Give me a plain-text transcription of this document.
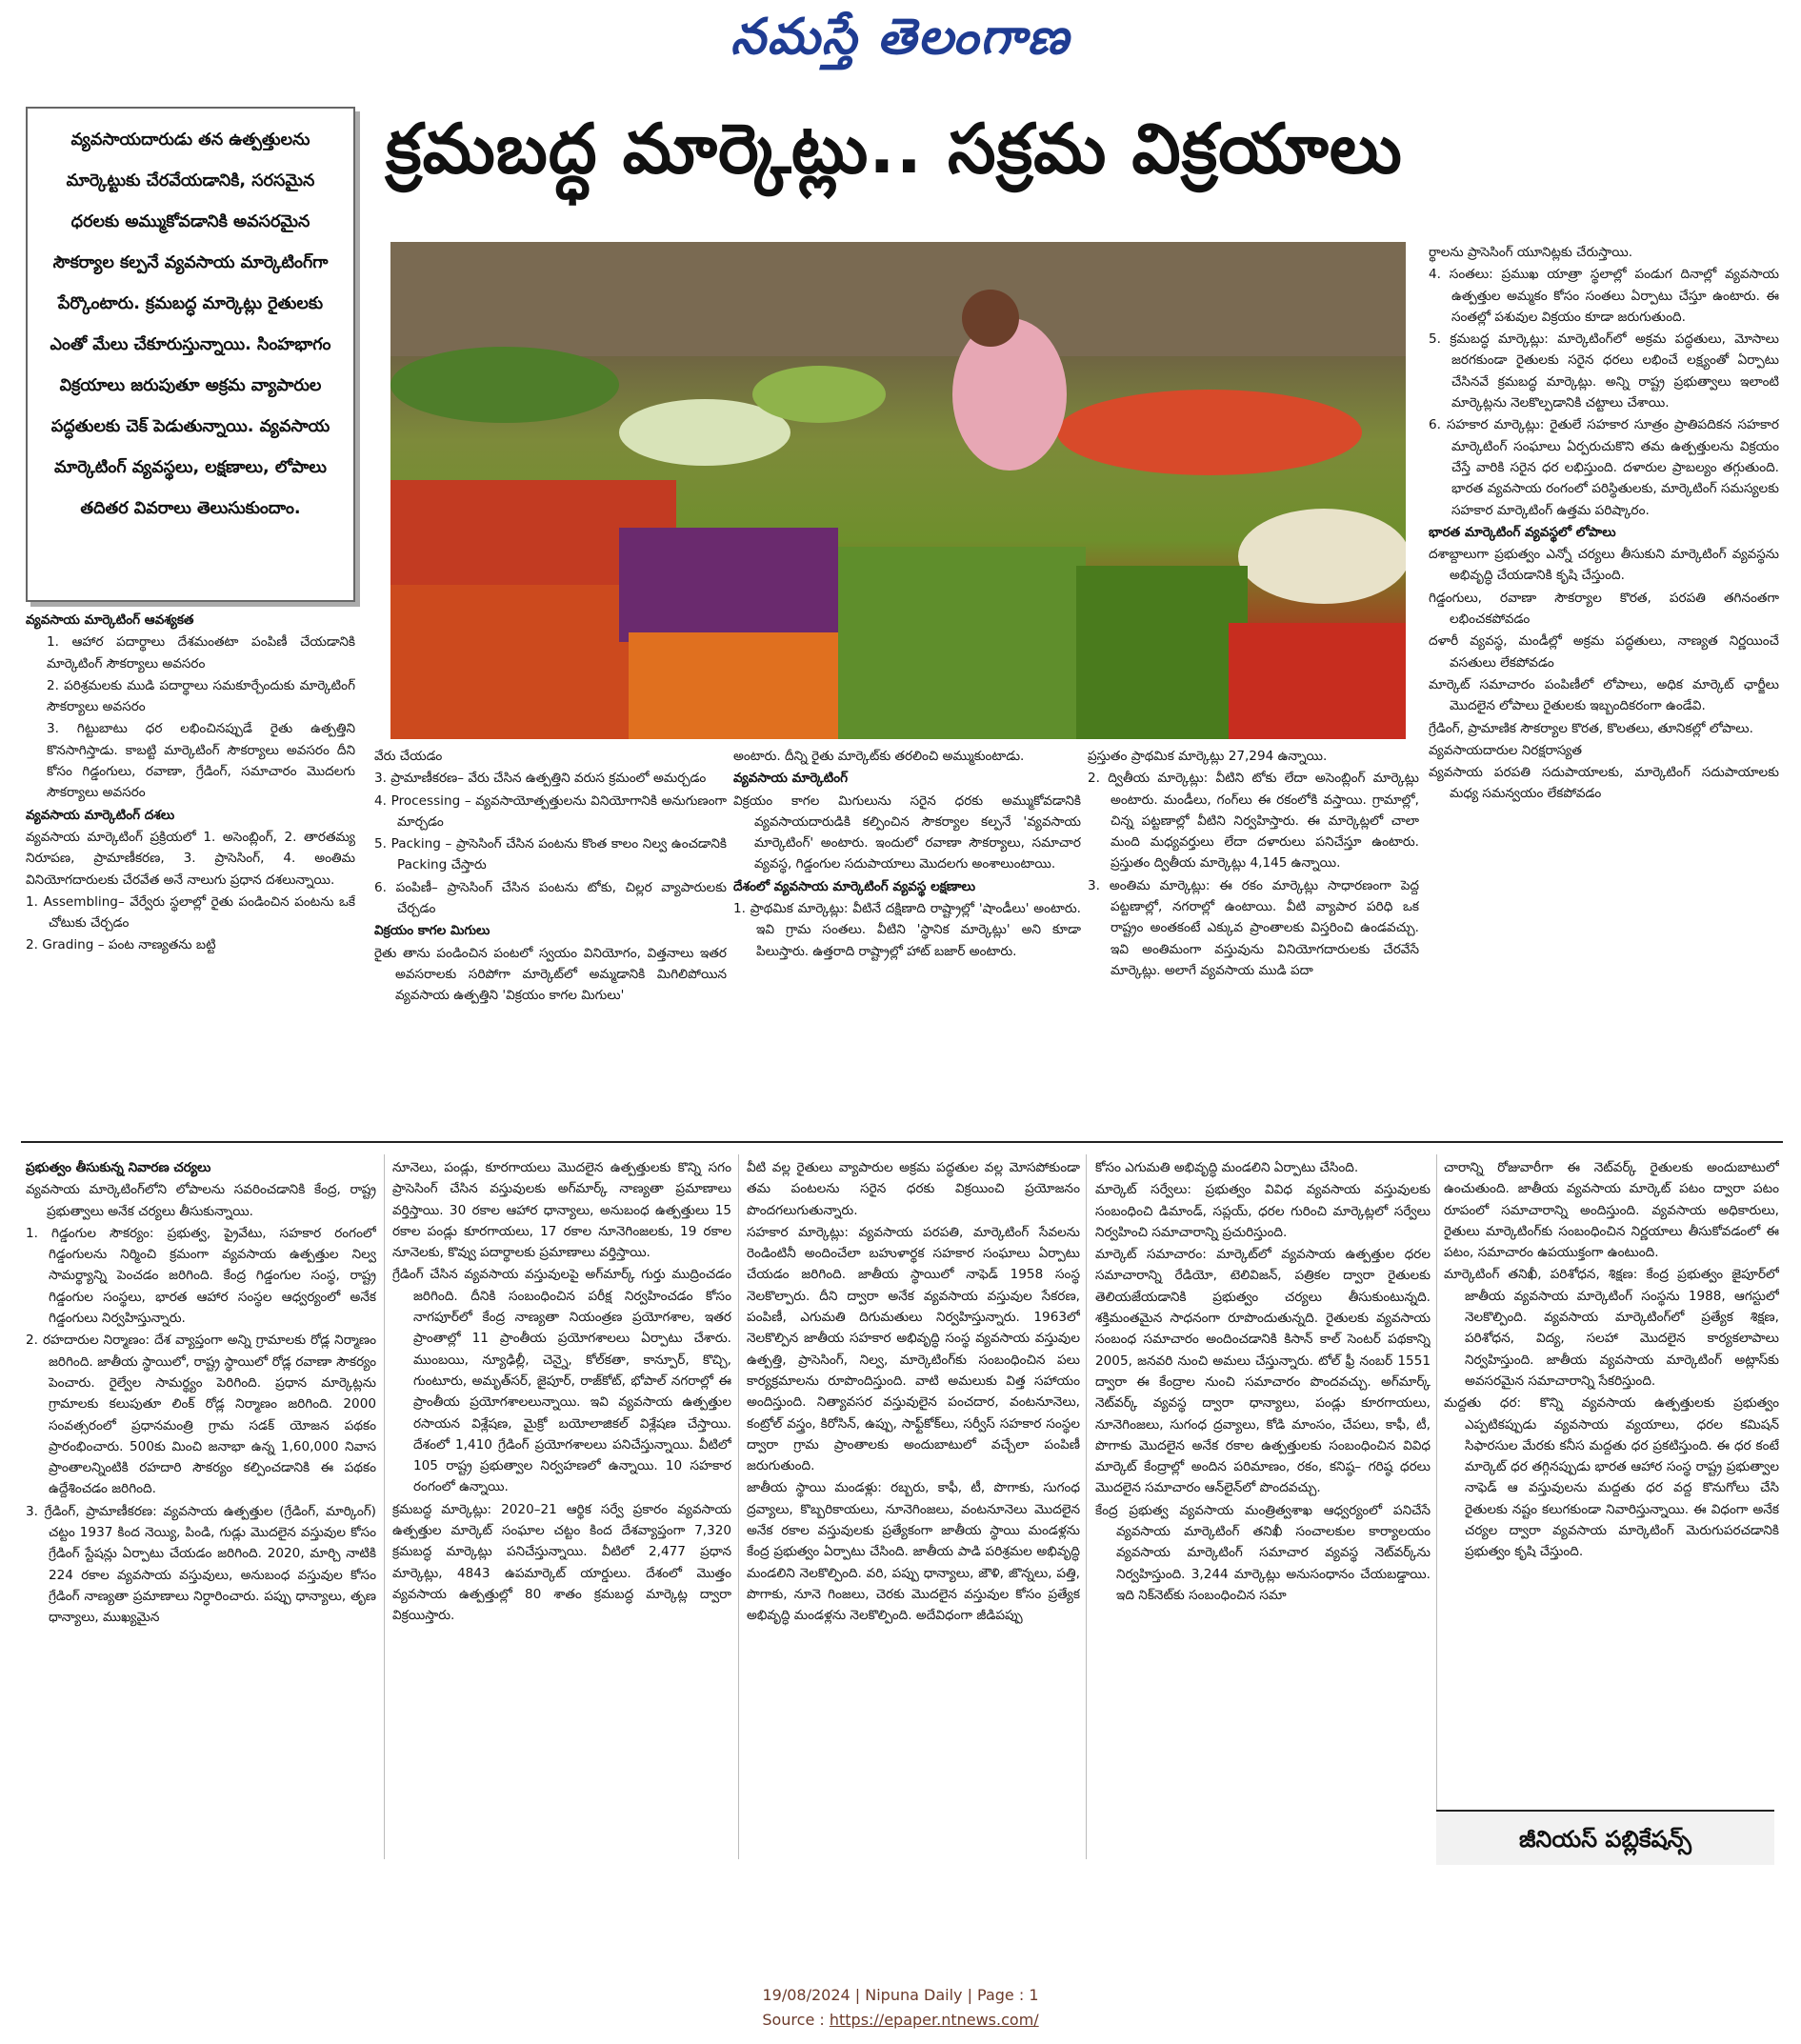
నమస్తే తెలంగాణ

వ్యవసాయదారుడు తన ఉత్పత్తులను మార్కెట్టుకు చేరవేయడానికి, సరసమైన ధరలకు అమ్ముకోవడానికి అవసరమైన సౌకర్యాల కల్పనే వ్యవసాయ మార్కెటింగ్‌గా పేర్కొంటారు. క్రమబద్ధ మార్కెట్లు రైతులకు ఎంతో మేలు చేకూరుస్తున్నాయి. సింహభాగం విక్రయాలు జరుపుతూ అక్రమ వ్యాపారుల పద్ధతులకు చెక్ పెడుతున్నాయి. వ్యవసాయ మార్కెటింగ్ వ్యవస్థలు, లక్షణాలు, లోపాలు తదితర వివరాలు తెలుసుకుందాం.

క్రమబద్ధ మార్కెట్లు.. సక్రమ విక్రయాలు

వ్యవసాయ మార్కెటింగ్ ఆవశ్యకత

1. ఆహార పదార్థాలు దేశమంతటా పంపిణీ చేయడానికి మార్కెటింగ్ సౌకర్యాలు అవసరం

2. పరిశ్రమలకు ముడి పదార్థాలు సమకూర్చేందుకు మార్కెటింగ్ సౌకర్యాలు అవసరం

3. గిట్టుబాటు ధర లభించినప్పుడే రైతు ఉత్పత్తిని కొనసాగిస్తాడు. కాబట్టి మార్కెటింగ్ సౌకర్యాలు అవసరం దీని కోసం గిడ్డంగులు, రవాణా, గ్రేడింగ్, సమాచారం మొదలగు సౌకర్యాలు అవసరం

వ్యవసాయ మార్కెటింగ్ దశలు

వ్యవసాయ మార్కెటింగ్ ప్రక్రియలో 1. అసెంబ్లింగ్, 2. తారతమ్య నిరూపణ, ప్రామాణీకరణ, 3. ప్రాసెసింగ్, 4. అంతిమ వినియోగదారులకు చేరవేత అనే నాలుగు ప్రధాన దశలున్నాయి.

1. Assembling– వేర్వేరు స్థలాల్లో రైతు పండించిన పంటను ఒకే చోటుకు చేర్చడం

2. Grading – పంట నాణ్యతను బట్టి

వేరు చేయడం

3. ప్రామాణీకరణ– వేరు చేసిన ఉత్పత్తిని వరుస క్రమంలో అమర్చడం

4. Processing – వ్యవసాయోత్పత్తులను వినియోగానికి అనుగుణంగా మార్చడం

5. Packing – ప్రాసెసింగ్ చేసిన పంటను కొంత కాలం నిల్వ ఉంచడానికి Packing చేస్తారు

6. పంపిణీ– ప్రాసెసింగ్ చేసిన పంటను టోకు, చిల్లర వ్యాపారులకు చేర్చడం

విక్రయం కాగల మిగులు

రైతు తాను పండించిన పంటలో స్వయం వినియోగం, విత్తనాలు ఇతర అవసరాలకు సరిపోగా మార్కెట్‌లో అమ్మడానికి మిగిలిపోయిన వ్యవసాయ ఉత్పత్తిని 'విక్రయం కాగల మిగులు'

అంటారు. దీన్ని రైతు మార్కెట్‌కు తరలించి అమ్ముకుంటాడు.

వ్యవసాయ మార్కెటింగ్

విక్రయం కాగల మిగులును సరైన ధరకు అమ్ముకోవడానికి వ్యవసాయదారుడికి కల్పించిన సౌకర్యాల కల్పనే 'వ్యవసాయ మార్కెటింగ్' అంటారు. ఇందులో రవాణా సౌకర్యాలు, సమాచార వ్యవస్థ, గిడ్డంగుల సదుపాయాలు మొదలగు అంశాలుంటాయి.

దేశంలో వ్యవసాయ మార్కెటింగ్ వ్యవస్థ లక్షణాలు

1. ప్రాథమిక మార్కెట్లు: వీటినే దక్షిణాది రాష్ట్రాల్లో 'షాండీలు' అంటారు. ఇవి గ్రామ సంతలు. వీటిని 'స్థానిక మార్కెట్లు' అని కూడా పిలుస్తారు. ఉత్తరాది రాష్ట్రాల్లో హాట్ బజార్ అంటారు.

ప్రస్తుతం ప్రాథమిక మార్కెట్లు 27,294 ఉన్నాయి.

2. ద్వితీయ మార్కెట్లు: వీటిని టోకు లేదా అసెంబ్లింగ్ మార్కెట్లు అంటారు. మండీలు, గంగ్‌లు ఈ రకంలోకి వస్తాయి. గ్రామాల్లో, చిన్న పట్టణాల్లో వీటిని నిర్వహిస్తారు. ఈ మార్కెట్లలో చాలా మంది మధ్యవర్తులు లేదా దళారులు పనిచేస్తూ ఉంటారు. ప్రస్తుతం ద్వితీయ మార్కెట్లు 4,145 ఉన్నాయి.

3. అంతిమ మార్కెట్లు: ఈ రకం మార్కెట్లు సాధారణంగా పెద్ద పట్టణాల్లో, నగరాల్లో ఉంటాయి. వీటి వ్యాపార పరిధి ఒక రాష్ట్రం అంతకంటే ఎక్కువ ప్రాంతాలకు విస్తరించి ఉండవచ్చు. ఇవి అంతిమంగా వస్తువును వినియోగదారులకు చేరవేసే మార్కెట్లు. అలాగే వ్యవసాయ ముడి పదా

ర్థాలను ప్రాసెసింగ్ యూనిట్లకు చేరుస్తాయి.

4. సంతలు: ప్రముఖ యాత్రా స్థలాల్లో పండుగ దినాల్లో వ్యవసాయ ఉత్పత్తుల అమ్మకం కోసం సంతలు ఏర్పాటు చేస్తూ ఉంటారు. ఈ సంతల్లో పశువుల విక్రయం కూడా జరుగుతుంది.

5. క్రమబద్ధ మార్కెట్లు: మార్కెటింగ్‌లో అక్రమ పద్ధతులు, మోసాలు జరగకుండా రైతులకు సరైన ధరలు లభించే లక్ష్యంతో ఏర్పాటు చేసినవే క్రమబద్ధ మార్కెట్లు. అన్ని రాష్ట్ర ప్రభుత్వాలు ఇలాంటి మార్కెట్లను నెలకొల్పడానికి చట్టాలు చేశాయి.

6. సహకార మార్కెట్లు: రైతులే సహకార సూత్రం ప్రాతిపదికన సహకార మార్కెటింగ్ సంఘాలు ఏర్పరుచుకొని తమ ఉత్పత్తులను విక్రయం చేస్తే వారికి సరైన ధర లభిస్తుంది. దళారుల ప్రాబల్యం తగ్గుతుంది. భారత వ్యవసాయ రంగంలో పరిస్థితులకు, మార్కెటింగ్ సమస్యలకు సహకార మార్కెటింగ్ ఉత్తమ పరిష్కారం.

భారత మార్కెటింగ్ వ్యవస్థలో లోపాలు

దశాబ్దాలుగా ప్రభుత్వం ఎన్నో చర్యలు తీసుకుని మార్కెటింగ్ వ్యవస్థను అభివృద్ధి చేయడానికి కృషి చేస్తుంది.

గిడ్డంగులు, రవాణా సౌకర్యాల కొరత, పరపతి తగినంతగా లభించకపోవడం

దళారీ వ్యవస్థ, మండీల్లో అక్రమ పద్ధతులు, నాణ్యత నిర్ణయించే వసతులు లేకపోవడం

మార్కెట్ సమాచారం పంపిణీలో లోపాలు, అధిక మార్కెట్ ఛార్జీలు మొదలైన లోపాలు రైతులకు ఇబ్బందికరంగా ఉండేవి.

గ్రేడింగ్, ప్రామాణిక సౌకర్యాల కొరత, కొలతలు, తూనికల్లో లోపాలు.

వ్యవసాయదారుల నిరక్షరాస్యత

వ్యవసాయ పరపతి సదుపాయాలకు, మార్కెటింగ్ సదుపాయాలకు మధ్య సమన్వయం లేకపోవడం

ప్రభుత్వం తీసుకున్న నివారణ చర్యలు

వ్యవసాయ మార్కెటింగ్‌లోని లోపాలను సవరించడానికి కేంద్ర, రాష్ట్ర ప్రభుత్వాలు అనేక చర్యలు తీసుకున్నాయి.

1. గిడ్డంగుల సౌకర్యం: ప్రభుత్వ, ప్రైవేటు, సహకార రంగంలో గిడ్డంగులను నిర్మించి క్రమంగా వ్యవసాయ ఉత్పత్తుల నిల్వ సామర్థ్యాన్ని పెంచడం జరిగింది. కేంద్ర గిడ్డంగుల సంస్థ, రాష్ట్ర గిడ్డంగుల సంస్థలు, భారత ఆహార సంస్థల ఆధ్వర్యంలో అనేక గిడ్డంగులు నిర్వహిస్తున్నారు.

2. రహదారుల నిర్మాణం: దేశ వ్యాప్తంగా అన్ని గ్రామాలకు రోడ్ల నిర్మాణం జరిగింది. జాతీయ స్థాయిలో, రాష్ట్ర స్థాయిలో రోడ్ల రవాణా సౌకర్యం పెంచారు. రైల్వేల సామర్థ్యం పెరిగింది. ప్రధాన మార్కెట్లను గ్రామాలకు కలుపుతూ లింక్ రోడ్ల నిర్మాణం జరిగింది. 2000 సంవత్సరంలో ప్రధానమంత్రి గ్రామ సడక్ యోజన పథకం ప్రారంభించారు. 500కు మించి జనాభా ఉన్న 1,60,000 నివాస ప్రాంతాలన్నింటికి రహదారి సౌకర్యం కల్పించడానికి ఈ పథకం ఉద్దేశించడం జరిగింది.

3. గ్రేడింగ్, ప్రామాణీకరణ: వ్యవసాయ ఉత్పత్తుల (గ్రేడింగ్, మార్కింగ్) చట్టం 1937 కింద నెయ్యి, పిండి, గుడ్లు మొదలైన వస్తువుల కోసం గ్రేడింగ్ స్టేషన్లు ఏర్పాటు చేయడం జరిగింది. 2020, మార్చి నాటికి 224 రకాల వ్యవసాయ వస్తువులు, అనుబంధ వస్తువుల కోసం గ్రేడింగ్ నాణ్యతా ప్రమాణాలు నిర్ధారించారు. పప్పు ధాన్యాలు, తృణ ధాన్యాలు, ముఖ్యమైన

నూనెలు, పండ్లు, కూరగాయలు మొదలైన ఉత్పత్తులకు కొన్ని సగం ప్రాసెసింగ్ చేసిన వస్తువులకు అగ్‌మార్క్ నాణ్యతా ప్రమాణాలు వర్తిస్తాయి. 30 రకాల ఆహార ధాన్యాలు, అనుబంధ ఉత్పత్తులు 15 రకాల పండ్లు కూరగాయలు, 17 రకాల నూనెగింజలకు, 19 రకాల నూనెలకు, కొవ్వు పదార్థాలకు ప్రమాణాలు వర్తిస్తాయి.

గ్రేడింగ్ చేసిన వ్యవసాయ వస్తువులపై అగ్‌మార్క్ గుర్తు ముద్రించడం జరిగింది. దీనికి సంబంధించిన పరీక్ష నిర్వహించడం కోసం నాగపూర్‌లో కేంద్ర నాణ్యతా నియంత్రణ ప్రయోగశాల, ఇతర ప్రాంతాల్లో 11 ప్రాంతీయ ప్రయోగశాలలు ఏర్పాటు చేశారు. ముంబయి, న్యూఢిల్లీ, చెన్నై, కోల్‌కతా, కాన్పూర్, కొచ్చి, గుంటూరు, అమృత్‌సర్, జైపూర్, రాజ్‌కోట్, భోపాల్ నగరాల్లో ఈ ప్రాంతీయ ప్రయోగశాలలున్నాయి. ఇవి వ్యవసాయ ఉత్పత్తుల రసాయన విశ్లేషణ, మైక్రో బయోలాజికల్ విశ్లేషణ చేస్తాయి. దేశంలో 1,410 గ్రేడింగ్ ప్రయోగశాలలు పనిచేస్తున్నాయి. వీటిలో 105 రాష్ట్ర ప్రభుత్వాల నిర్వహణలో ఉన్నాయి. 10 సహకార రంగంలో ఉన్నాయి.

క్రమబద్ధ మార్కెట్లు: 2020–21 ఆర్థిక సర్వే ప్రకారం వ్యవసాయ ఉత్పత్తుల మార్కెట్ సంఘాల చట్టం కింద దేశవ్యాప్తంగా 7,320 క్రమబద్ధ మార్కెట్లు పనిచేస్తున్నాయి. వీటిలో 2,477 ప్రధాన మార్కెట్లు, 4843 ఉపమార్కెట్ యార్డులు. దేశంలో మొత్తం వ్యవసాయ ఉత్పత్తుల్లో 80 శాతం క్రమబద్ధ మార్కెట్ల ద్వారా విక్రయిస్తారు.

వీటి వల్ల రైతులు వ్యాపారుల అక్రమ పద్ధతుల వల్ల మోసపోకుండా తమ పంటలను సరైన ధరకు విక్రయించి ప్రయోజనం పొందగలుగుతున్నారు.

సహకార మార్కెట్లు: వ్యవసాయ పరపతి, మార్కెటింగ్ సేవలను రెండింటినీ అందించేలా బహుళార్థక సహకార సంఘాలు ఏర్పాటు చేయడం జరిగింది. జాతీయ స్థాయిలో నాఫెడ్ 1958 సంస్థ నెలకొల్పారు. దీని ద్వారా అనేక వ్యవసాయ వస్తువుల సేకరణ, పంపిణీ, ఎగుమతి దిగుమతులు నిర్వహిస్తున్నారు. 1963లో నెలకొల్పిన జాతీయ సహకార అభివృద్ధి సంస్థ వ్యవసాయ వస్తువుల ఉత్పత్తి, ప్రాసెసింగ్, నిల్వ, మార్కెటింగ్‌కు సంబంధించిన పలు కార్యక్రమాలను రూపొందిస్తుంది. వాటి అమలుకు విత్త సహాయం అందిస్తుంది. నిత్యావసర వస్తువులైన పంచదార, వంటనూనెలు, కంట్రోల్ వస్త్రం, కిరోసిన్, ఉప్పు, సాఫ్ట్‌కోక్‌లు, సర్వీస్ సహకార సంస్థల ద్వారా గ్రామ ప్రాంతాలకు అందుబాటులో వచ్చేలా పంపిణీ జరుగుతుంది.

జాతీయ స్థాయి మండళ్లు: రబ్బరు, కాఫీ, టీ, పొగాకు, సుగంధ ద్రవ్యాలు, కొబ్బరికాయలు, నూనెగింజలు, వంటనూనెలు మొదలైన అనేక రకాల వస్తువులకు ప్రత్యేకంగా జాతీయ స్థాయి మండళ్లను కేంద్ర ప్రభుత్వం ఏర్పాటు చేసింది. జాతీయ పాడి పరిశ్రమల అభివృద్ధి మండలిని నెలకొల్పింది. వరి, పప్పు ధాన్యాలు, జౌళి, జొన్నలు, పత్తి, పొగాకు, నూనె గింజలు, చెరకు మొదలైన వస్తువుల కోసం ప్రత్యేక అభివృద్ధి మండళ్లను నెలకొల్పింది. అదేవిధంగా జీడిపప్పు

కోసం ఎగుమతి అభివృద్ధి మండలిని ఏర్పాటు చేసింది.

మార్కెట్ సర్వేలు: ప్రభుత్వం వివిధ వ్యవసాయ వస్తువులకు సంబంధించి డిమాండ్, సప్లయ్, ధరల గురించి మార్కెట్లలో సర్వేలు నిర్వహించి సమాచారాన్ని ప్రచురిస్తుంది.

మార్కెట్ సమాచారం: మార్కెట్‌లో వ్యవసాయ ఉత్పత్తుల ధరల సమాచారాన్ని రేడియో, టెలివిజన్, పత్రికల ద్వారా రైతులకు తెలియజేయడానికి ప్రభుత్వం చర్యలు తీసుకుంటున్నది. శక్తిమంతమైన సాధనంగా రూపొందుతున్నది. రైతులకు వ్యవసాయ సంబంధ సమాచారం అందించడానికి కిసాన్ కాల్ సెంటర్ పథకాన్ని 2005, జనవరి నుంచి అమలు చేస్తున్నారు. టోల్ ఫ్రీ నంబర్ 1551 ద్వారా ఈ కేంద్రాల నుంచి సమాచారం పొందవచ్చు. అగ్‌మార్క్ నెట్‌వర్క్ వ్యవస్థ ద్వారా ధాన్యాలు, పండ్లు కూరగాయలు, నూనెగింజలు, సుగంధ ద్రవ్యాలు, కోడి మాంసం, చేపలు, కాఫీ, టీ, పొగాకు మొదలైన అనేక రకాల ఉత్పత్తులకు సంబంధించిన వివిధ మార్కెట్ కేంద్రాల్లో అందిన పరిమాణం, రకం, కనిష్ఠ– గరిష్ఠ ధరలు మొదలైన సమాచారం ఆన్‌లైన్‌లో పొందవచ్చు.

కేంద్ర ప్రభుత్వ వ్యవసాయ మంత్రిత్వశాఖ ఆధ్వర్యంలో పనిచేసే వ్యవసాయ మార్కెటింగ్ తనిఖీ సంచాలకుల కార్యాలయం వ్యవసాయ మార్కెటింగ్ సమాచార వ్యవస్థ నెట్‌వర్క్‌ను నిర్వహిస్తుంది. 3,244 మార్కెట్లు అనుసంధానం చేయబడ్డాయి. ఇది నిక్‌నెట్‌కు సంబంధించిన సమా

చారాన్ని రోజువారీగా ఈ నెట్‌వర్క్ రైతులకు అందుబాటులో ఉంచుతుంది. జాతీయ వ్యవసాయ మార్కెట్ పటం ద్వారా పటం రూపంలో సమాచారాన్ని అందిస్తుంది. వ్యవసాయ అధికారులు, రైతులు మార్కెటింగ్‌కు సంబంధించిన నిర్ణయాలు తీసుకోవడంలో ఈ పటం, సమాచారం ఉపయుక్తంగా ఉంటుంది.

మార్కెటింగ్ తనిఖీ, పరిశోధన, శిక్షణ: కేంద్ర ప్రభుత్వం జైపూర్‌లో జాతీయ వ్యవసాయ మార్కెటింగ్ సంస్థను 1988, ఆగస్టులో నెలకొల్పింది. వ్యవసాయ మార్కెటింగ్‌లో ప్రత్యేక శిక్షణ, పరిశోధన, విద్య, సలహా మొదలైన కార్యకలాపాలు నిర్వహిస్తుంది. జాతీయ వ్యవసాయ మార్కెటింగ్ అట్లాస్‌కు అవసరమైన సమాచారాన్ని సేకరిస్తుంది.

మద్దతు ధర: కొన్ని వ్యవసాయ ఉత్పత్తులకు ప్రభుత్వం ఎప్పటికప్పుడు వ్యవసాయ వ్యయాలు, ధరల కమిషన్ సిఫారసుల మేరకు కనీస మద్దతు ధర ప్రకటిస్తుంది. ఈ ధర కంటే మార్కెట్ ధర తగ్గినప్పుడు భారత ఆహార సంస్థ రాష్ట్ర ప్రభుత్వాల నాఫెడ్ ఆ వస్తువులను మద్దతు ధర వద్ద కొనుగోలు చేసి రైతులకు నష్టం కలుగకుండా నివారిస్తున్నాయి. ఈ విధంగా అనేక చర్యల ద్వారా వ్యవసాయ మార్కెటింగ్ మెరుగుపరచడానికి ప్రభుత్వం కృషి చేస్తుంది.

జీనియస్ పబ్లికేషన్స్
19/08/2024 | Nipuna Daily | Page : 1
Source : https://epaper.ntnews.com/
